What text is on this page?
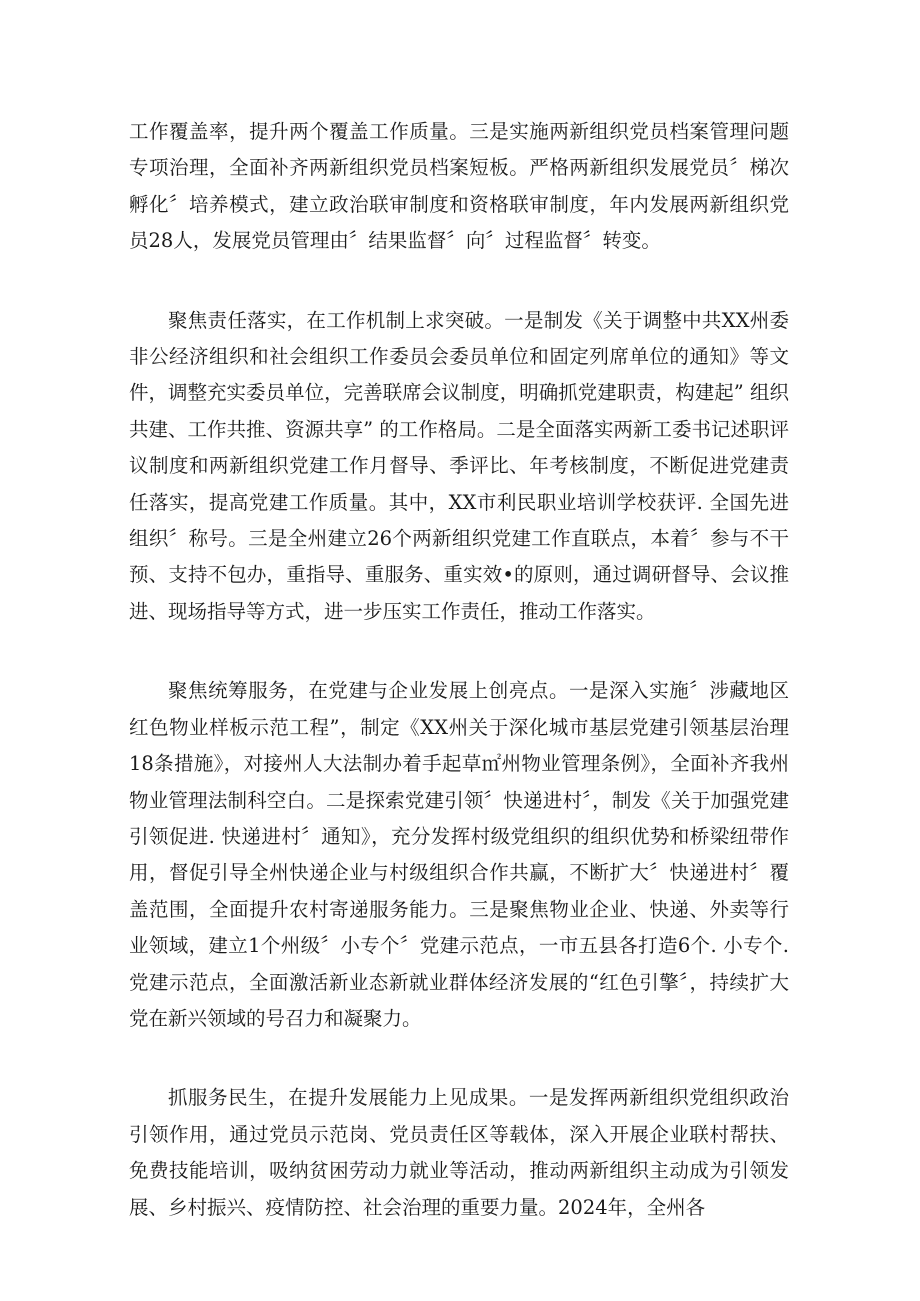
工作覆盖率，提升两个覆盖工作质量。三是实施两新组织党员档案管理问题专项治理，全面补齐两新组织党员档案短板。严格两新组织发展党员〞梯次孵化〞培养模式，建立政治联审制度和资格联审制度，年内发展两新组织党员28人，发展党员管理由〞结果监督〞向〞过程监督〞转变。

聚焦责任落实，在工作机制上求突破。一是制发《关于调整中共XX州委非公经济组织和社会组织工作委员会委员单位和固定列席单位的通知》等文件，调整充实委员单位，完善联席会议制度，明确抓党建职责，构建起” 组织共建、工作共推、资源共享” 的工作格局。二是全面落实两新工委书记述职评议制度和两新组织党建工作月督导、季评比、年考核制度，不断促进党建责任落实，提高党建工作质量。其中，XX市利民职业培训学校获评. 全国先进组织〞称号。三是全州建立26个两新组织党建工作直联点，本着〞参与不干预、支持不包办，重指导、重服务、重实效•的原则，通过调研督导、会议推进、现场指导等方式，进一步压实工作责任，推动工作落实。

聚焦统筹服务，在党建与企业发展上创亮点。一是深入实施〞涉藏地区红色物业样板示范工程”，制定《XX州关于深化城市基层党建引领基层治理18条措施》，对接州人大法制办着手起草㎡州物业管理条例》，全面补齐我州物业管理法制科空白。二是探索党建引领〞快递进村〞，制发《关于加强党建引领促进. 快递进村〞通知》，充分发挥村级党组织的组织优势和桥梁纽带作用，督促引导全州快递企业与村级组织合作共赢，不断扩大〞快递进村〞覆盖范围，全面提升农村寄递服务能力。三是聚焦物业企业、快递、外卖等行业领域，建立1个州级〞小专个〞党建示范点，一市五县各打造6个. 小专个. 党建示范点，全面激活新业态新就业群体经济发展的“红色引擎〞，持续扩大党在新兴领域的号召力和凝聚力。

抓服务民生，在提升发展能力上见成果。一是发挥两新组织党组织政治引领作用，通过党员示范岗、党员责任区等载体，深入开展企业联村帮扶、免费技能培训，吸纳贫困劳动力就业等活动，推动两新组织主动成为引领发展、乡村振兴、疫情防控、社会治理的重要力量。2024年，全州各
